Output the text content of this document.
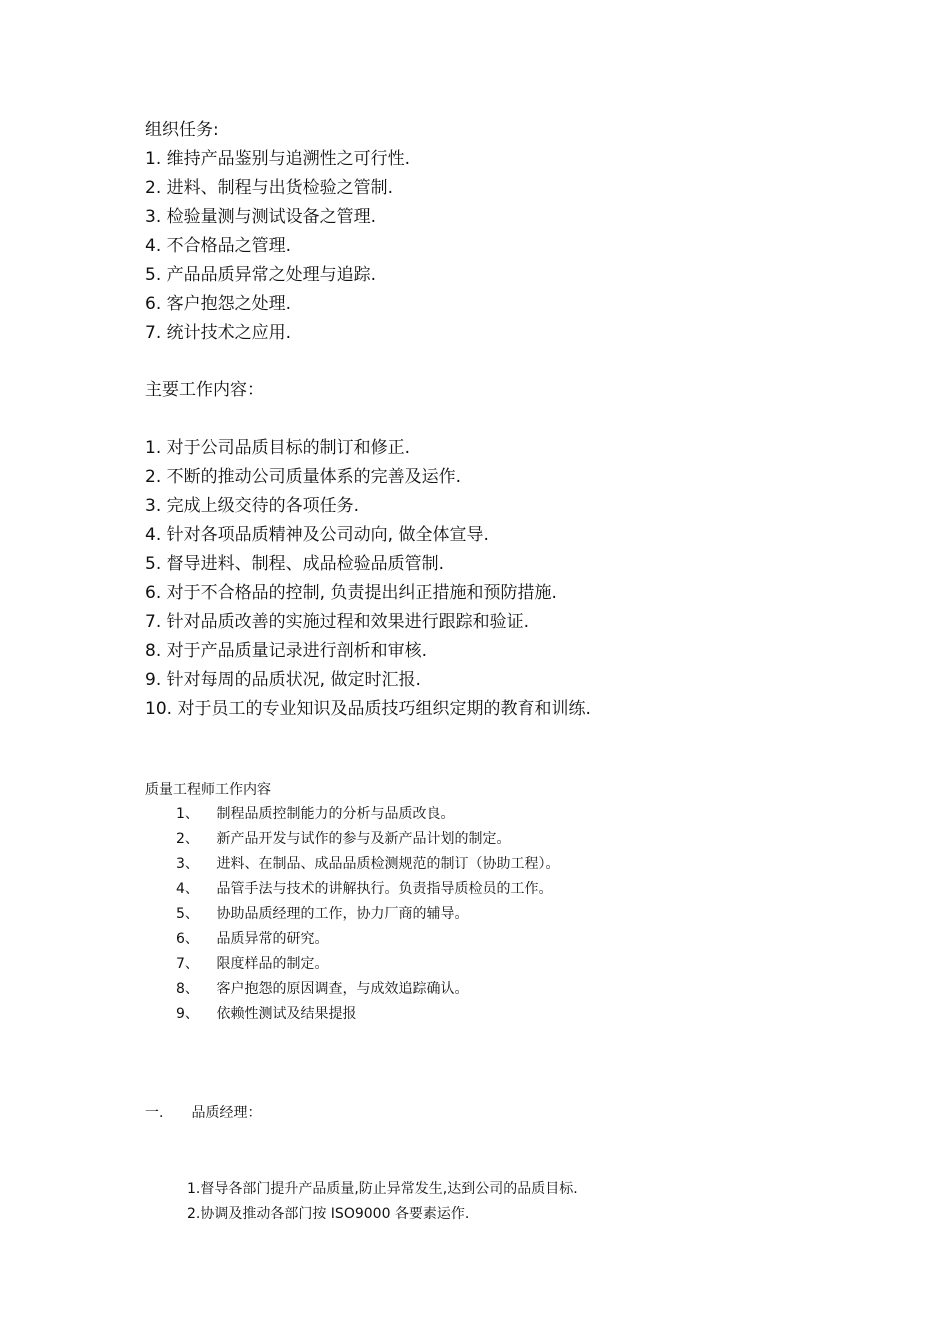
组织任务:
1. 维持产品鉴别与追溯性之可行性.
2. 进料、制程与出货检验之管制.
3. 检验量测与测试设备之管理.
4. 不合格品之管理.
5. 产品品质异常之处理与追踪.
6. 客户抱怨之处理.
7. 统计技术之应用.
主要工作内容：
1. 对于公司品质目标的制订和修正.
2. 不断的推动公司质量体系的完善及运作.
3. 完成上级交待的各项任务.
4. 针对各项品质精神及公司动向, 做全体宣导.
5. 督导进料、制程、成品检验品质管制.
6. 对于不合格品的控制, 负责提出纠正措施和预防措施.
7. 针对品质改善的实施过程和效果进行跟踪和验证.
8. 对于产品质量记录进行剖析和审核.
9. 针对每周的品质状况, 做定时汇报.
10. 对于员工的专业知识及品质技巧组织定期的教育和训练.
质量工程师工作内容
1、 制程品质控制能力的分析与品质改良。
2、 新产品开发与试作的参与及新产品计划的制定。
3、 进料、在制品、成品品质检测规范的制订（协助工程）。
4、 品管手法与技术的讲解执行。负责指导质检员的工作。
5、 协助品质经理的工作，协力厂商的辅导。
6、 品质异常的研究。
7、 限度样品的制定。
8、 客户抱怨的原因调查，与成效追踪确认。
9、 依赖性测试及结果提报
一. 品质经理：
1.督导各部门提升产品质量,防止异常发生,达到公司的品质目标.
2.协调及推动各部门按 ISO9000 各要素运作.
